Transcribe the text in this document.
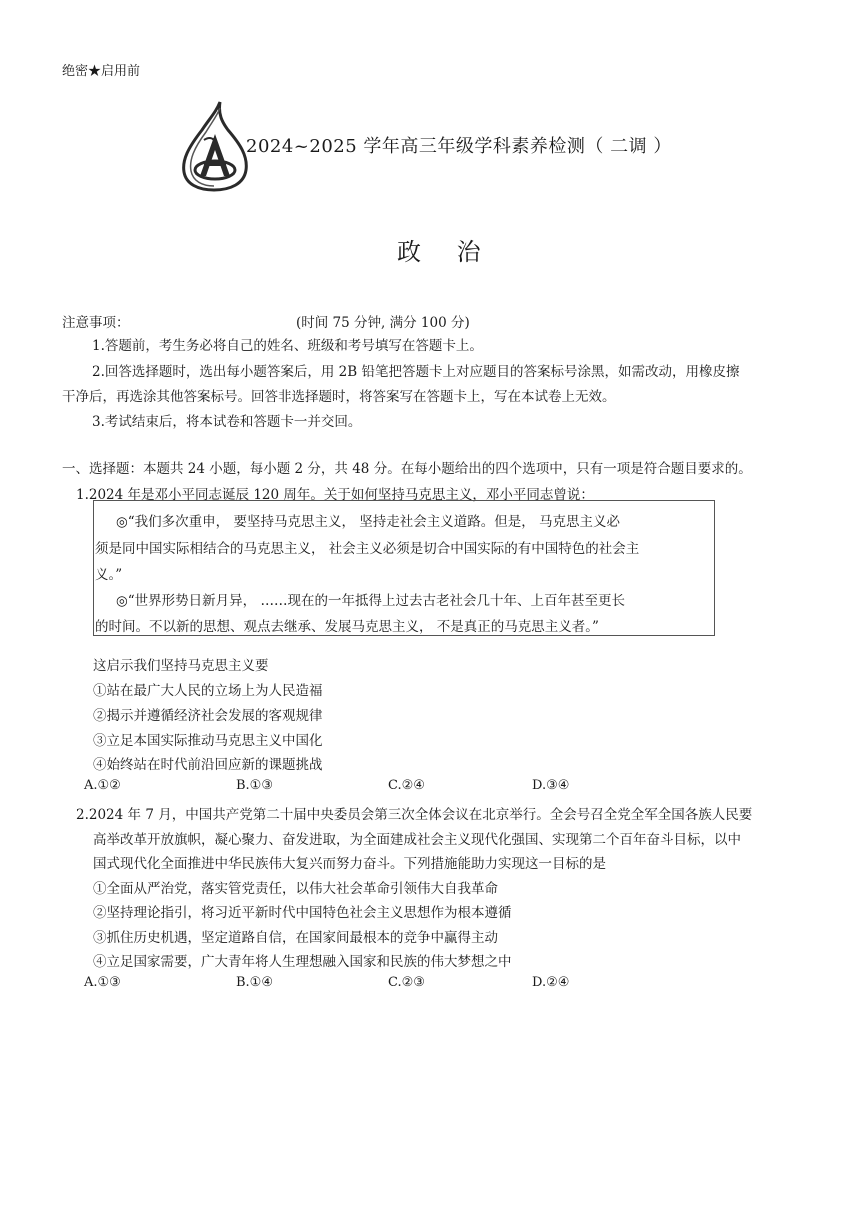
绝密★启用前
2024~2025 学年高三年级学科素养检测（ 二调 ）
政 治
注意事项：	(时间 75 分钟, 满分 100 分)
1.答题前，考生务必将自己的姓名、班级和考号填写在答题卡上。
2.回答选择题时，选出每小题答案后，用 2B 铅笔把答题卡上对应题目的答案标号涂黑，如需改动，用橡皮擦
干净后，再选涂其他答案标号。回答非选择题时，将答案写在答题卡上，写在本试卷上无效。
3.考试结束后，将本试卷和答题卡一并交回。
一、选择题：本题共 24 小题，每小题 2 分，共 48 分。在每小题给出的四个选项中，只有一项是符合题目要求的。
1.2024 年是邓小平同志诞辰 120 周年。关于如何坚持马克思主义，邓小平同志曾说：
◎“我们多次重申， 要坚持马克思主义， 坚持走社会主义道路。但是， 马克思主义必
须是同中国实际相结合的马克思主义， 社会主义必须是切合中国实际的有中国特色的社会主
义。”
◎“世界形势日新月异， ……现在的一年抵得上过去古老社会几十年、上百年甚至更长
的时间。不以新的思想、观点去继承、发展马克思主义， 不是真正的马克思主义者。”
这启示我们坚持马克思主义要
①站在最广大人民的立场上为人民造福
②揭示并遵循经济社会发展的客观规律
③立足本国实际推动马克思主义中国化
④始终站在时代前沿回应新的课题挑战
A.①②	B.①③	C.②④	D.③④
2.2024 年 7 月，中国共产党第二十届中央委员会第三次全体会议在北京举行。全会号召全党全军全国各族人民要
高举改革开放旗帜，凝心聚力、奋发进取，为全面建成社会主义现代化强国、实现第二个百年奋斗目标，以中
国式现代化全面推进中华民族伟大复兴而努力奋斗。下列措施能助力实现这一目标的是
①全面从严治党，落实管党责任，以伟大社会革命引领伟大自我革命
②坚持理论指引，将习近平新时代中国特色社会主义思想作为根本遵循
③抓住历史机遇，坚定道路自信，在国家间最根本的竞争中赢得主动
④立足国家需要，广大青年将人生理想融入国家和民族的伟大梦想之中
A.①③	B.①④	C.②③	D.②④
